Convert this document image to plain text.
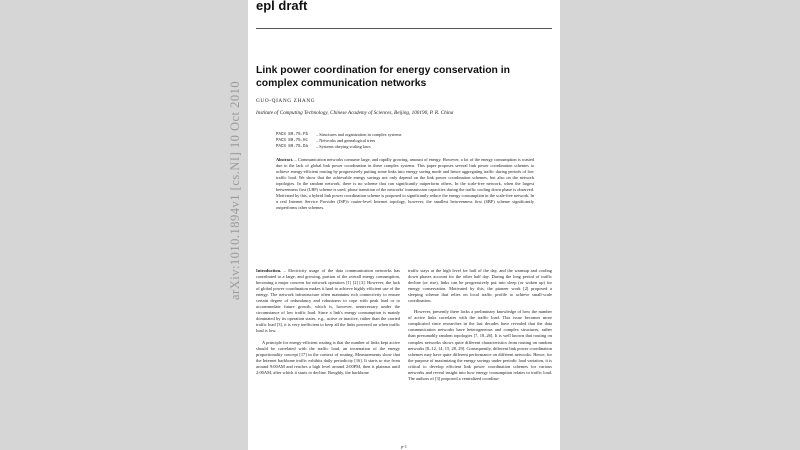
arXiv:1010.1894v1 [cs.NI] 10 Oct 2010
epl draft
Link power coordination for energy conservation in complex communication networks
GUO-QIANG ZHANG
Institute of Computing Technology, Chinese Academy of Sciences, Beijing, 100190, P. R. China
PACS 89.75.Fb	– Structures and organization in complex systems
PACS 89.75.Hc	– Networks and genealogical trees
PACS 89.75.Da	– Systems obeying scaling laws
Abstract. – Communication networks consume large, and rapidly growing, amount of energy. However, a lot of the energy consumption is wasted due to the lack of global link power coordination in these complex systems. This paper proposes several link power coordination schemes to achieve energy-efficient routing by progressively putting some links into energy saving mode and hence aggregating traffic during periods of low traffic load. We show that the achievable energy savings not only depend on the link power coordination schemes, but also on the network topologies. In the random network, there is no scheme that can significantly outperform others. In the scale-free network, when the largest betweenness first (LBF) scheme is used, phase transition of the networks' transmission capacities during the traffic cooling down phase is observed. Motivated by this, a hybrid link power coordination scheme is proposed to significantly reduce the energy consumption in the scale-free network. In a real Internet Service Provider (ISP)'s router-level Internet topology, however, the smallest betweenness first (SBF) scheme significantly outperforms other schemes.

Introduction. – Electricity usage of the data communication networks has contributed to a large, and growing, portion of the overall energy consumption, becoming a major concern for network operators [1] [2] [3]. However, the lack of global power coordination makes it hard to achieve highly efficient use of the energy. The network infrastructure often maintains rich connectivity to ensure certain degree of redundancy and robustness to cope with peak load or to accommodate future growth, which is, however, unnecessary under the circumstance of low traffic load. Since a link's energy consumption is mainly dominated by its operation states, e.g., active or inactive, rather than the carried traffic load [3], it is very inefficient to keep all the links powered on when traffic load is low.

A principle for energy-efficient routing is that the number of links kept active should be correlated with the traffic load, an incarnation of the energy proportionality concept [17] in the context of routing. Measurements show that the Internet backbone traffic exhibits daily periodicity [16]. It starts to rise from around 9:00AM and reaches a high level around 2:00PM, then it plateaus until 2:00AM, after which it starts to decline. Roughly, the backbone

traffic stays at the high level for half of the day, and the warmup and cooling down phases account for the other half day. During the long period of traffic decline (or rise), links can be progressively put into sleep (or woken up) for energy conservation. Motivated by this, the pioneer work [2] proposed a sleeping scheme that relies on local traffic profile to achieve small-scale coordination.

However, presently there lacks a preliminary knowledge of how the number of active links correlates with the traffic load. This issue becomes more complicated since researches in the last decades have revealed that the data communication networks have heterogeneous and complex structures, rather than presumably random topologies [7, 18–26]. It is well known that routing on complex networks shows quite different characteristics from routing on random networks [8–12, 14, 15, 28, 29]. Consequently, different link power coordination schemes may have quite different performance on different networks. Hence, for the purpose of maximizing the energy savings under periodic load variation, it is critical to develop efficient link power coordination schemes for various networks and reveal insight into how energy consumption relates to traffic load. The authors of [3] proposed a centralized coordina-

p-1
